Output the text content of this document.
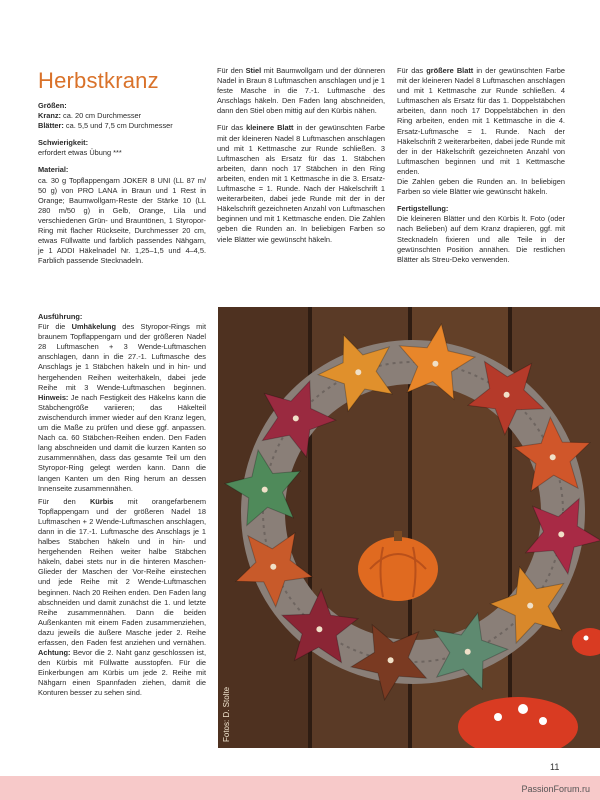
Herbstkranz

Größen:
Kranz: ca. 20 cm Durchmesser
Blätter: ca. 5,5 und 7,5 cm Durchmesser

Schwierigkeit:
erfordert etwas Übung ***

Material:
ca. 30 g Topflappengarn JOKER 8 UNI (LL 87 m/ 50 g) von PRO LANA in Braun und 1 Rest in Orange; Baumwollgarn-Reste der Stärke 10 (LL 280 m/50 g) in Gelb, Orange, Lila und verschiedenen Grün- und Brauntönen, 1 Styropor-Ring mit flacher Rückseite, Durchmesser 20 cm, etwas Füllwatte und farblich passendes Nähgarn, je 1 ADDI Häkelnadel Nr. 1,25–1,5 und 4–4,5. Farblich passende Stecknadeln.

Ausführung:
Für die Umhäkelung des Styropor-Rings mit braunem Topflappengarn und der größeren Nadel 28 Luftmaschen + 3 Wende-Luftmaschen anschlagen, dann in die 27.-1. Luftmasche des Anschlags je 1 Stäbchen häkeln und in hin- und hergehenden Reihen weiterhäkeln, dabei jede Reihe mit 3 Wende-Luftmaschen beginnen. Hinweis: Je nach Festigkeit des Häkelns kann die Stäbchengröße variieren; das Häkelteil zwischendurch immer wieder auf den Kranz legen, um die Maße zu prüfen und diese ggf. anpassen. Nach ca. 60 Stäbchen-Reihen enden. Den Faden lang abschneiden und damit die kurzen Kanten so zusammennähen, dass das gesamte Teil um den Styropor-Ring gelegt werden kann. Dann die langen Kanten um den Ring herum an dessen Innenseite zusammennähen.

Für den Kürbis mit orangefarbenem Topflappengarn und der größeren Nadel 18 Luftmaschen + 2 Wende-Luftmaschen anschlagen, dann in die 17.-1. Luftmasche des Anschlags je 1 halbes Stäbchen häkeln und in hin- und hergehenden Reihen weiter halbe Stäbchen häkeln, dabei stets nur in die hinteren Maschen-Glieder der Maschen der Vor-Reihe einstechen und jede Reihe mit 2 Wende-Luftmaschen beginnen. Nach 20 Reihen enden. Den Faden lang abschneiden und damit zunächst die 1. und letzte Reihe zusammennähen. Dann die beiden Außenkanten mit einem Faden zusammenziehen, dazu jeweils die äußere Masche jeder 2. Reihe erfassen, den Faden fest anziehen und vernähen. Achtung: Bevor die 2. Naht ganz geschlossen ist, den Kürbis mit Füllwatte ausstopfen. Für die Einkerbungen am Kürbis um jede 2. Reihe mit Nähgarn einen Spannfaden ziehen, damit die Konturen besser zu sehen sind.

Für den Stiel mit Baumwollgarn und der dünneren Nadel in Braun 8 Luftmaschen anschlagen und je 1 feste Masche in die 7.-1. Luftmasche des Anschlags häkeln. Den Faden lang abschneiden, dann den Stiel oben mittig auf den Kürbis nähen.

Für das kleinere Blatt in der gewünschten Farbe mit der kleineren Nadel 8 Luftmaschen anschlagen und mit 1 Kettmasche zur Runde schließen. 3 Luftmaschen als Ersatz für das 1. Stäbchen arbeiten, dann noch 17 Stäbchen in den Ring arbeiten, enden mit 1 Kettmasche in die 3. Ersatz-Luftmasche = 1. Runde. Nach der Häkelschrift 1 weiterarbeiten, dabei jede Runde mit der in der Häkelschrift gezeichneten Anzahl von Luftmaschen beginnen und mit 1 Kettmasche enden. Die Zahlen geben die Runden an. In beliebigen Farben so viele Blätter wie gewünscht häkeln.

Für das größere Blatt in der gewünschten Farbe mit der kleineren Nadel 8 Luftmaschen anschlagen und mit 1 Kettmasche zur Runde schließen. 4 Luftmaschen als Ersatz für das 1. Doppelstäbchen arbeiten, dann noch 17 Doppelstäbchen in den Ring arbeiten, enden mit 1 Kettmasche in die 4. Ersatz-Luftmasche = 1. Runde. Nach der Häkelschrift 2 weiterarbeiten, dabei jede Runde mit der in der Häkelschrift gezeichneten Anzahl von Luftmaschen beginnen und mit 1 Kettmasche enden.
Die Zahlen geben die Runden an. In beliebigen Farben so viele Blätter wie gewünscht häkeln.

Fertigstellung:
Die kleineren Blätter und den Kürbis lt. Foto (oder nach Belieben) auf dem Kranz drapieren, ggf. mit Stecknadeln fixieren und alle Teile in der gewünschten Position annähen. Die restlichen Blätter als Streu-Deko verwenden.

Fotos: D. Stolte
11
PassionForum.ru
